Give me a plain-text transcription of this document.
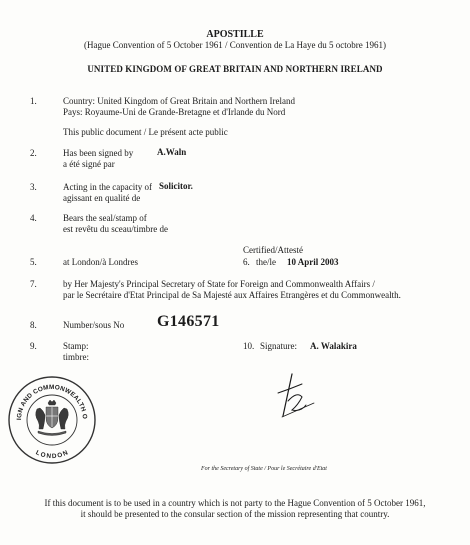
APOSTILLE
(Hague Convention of 5 October 1961 / Convention de La Haye du 5 octobre 1961)
UNITED KINGDOM OF GREAT BRITAIN AND NORTHERN IRELAND
1.	Country: United Kingdom of Great Britain and Northern Ireland
Pays: Royaume-Uni de Grande-Bretagne et d'Irlande du Nord
This public document / Le présent acte public
2.	Has been signed by
a été signé par
A.Waln
3.	Acting in the capacity of
agissant en qualité de
Solicitor.
4.	Bears the seal/stamp of
est revêtu du sceau/timbre de
Certified/Attesté
5.	at London/à Londres	6. the/le 10 April 2003
7.	by Her Majesty's Principal Secretary of State for Foreign and Commonwealth Affairs /
par le Secrétaire d'Etat Principal de Sa Majesté aux Affaires Etrangères et du Commonwealth.
8.	Number/sous No G146571
9.	Stamp:
timbre:
10. Signature: A. Walakira
IGN AND COMMONWEALTH O
LONDON
For the Secretary of State / Pour le Secrétaire d'Etat
If this document is to be used in a country which is not party to the Hague Convention of 5 October 1961,
it should be presented to the consular section of the mission representing that country.
